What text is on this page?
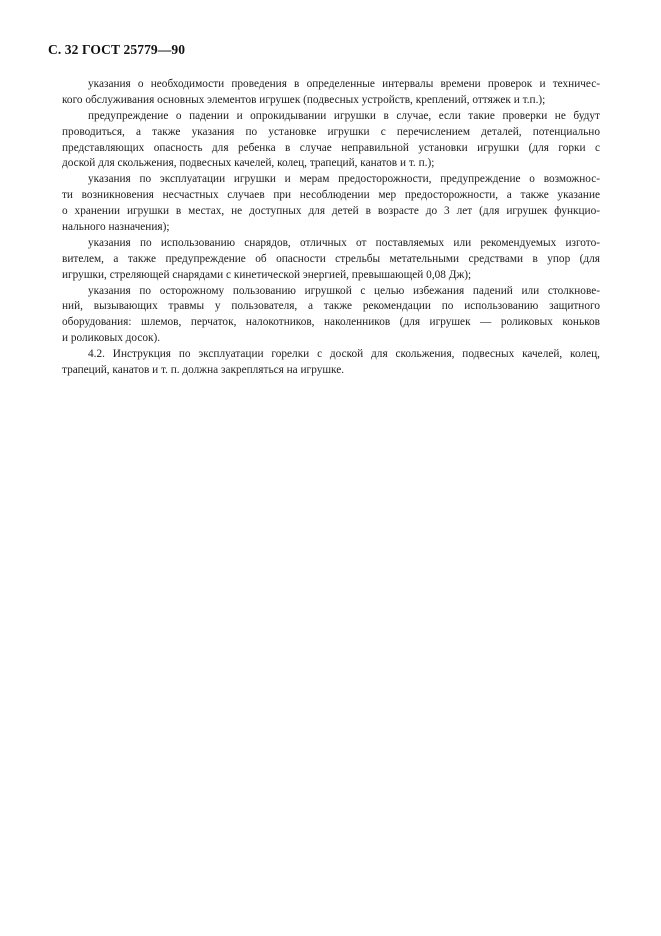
С. 32 ГОСТ 25779—90
указания о необходимости проведения в определенные интервалы времени проверок и техничес-
кого обслуживания основных элементов игрушек (подвесных устройств, креплений, оттяжек и т.п.);
предупреждение о падении и опрокидывании игрушки в случае, если такие проверки не будут
проводиться, а также указания по установке игрушки с перечислением деталей, потенциально
представляющих опасность для ребенка в случае неправильной установки игрушки (для горки с
доской для скольжения, подвесных качелей, колец, трапеций, канатов и т. п.);
указания по эксплуатации игрушки и мерам предосторожности, предупреждение о возможнос-
ти возникновения несчастных случаев при несоблюдении мер предосторожности, а также указание
о хранении игрушки в местах, не доступных для детей в возрасте до 3 лет (для игрушек функцио-
нального назначения);
указания по использованию снарядов, отличных от поставляемых или рекомендуемых изгото-
вителем, а также предупреждение об опасности стрельбы метательными средствами в упор (для
игрушки, стреляющей снарядами с кинетической энергией, превышающей 0,08 Дж);
указания по осторожному пользованию игрушкой с целью избежания падений или столкнове-
ний, вызывающих травмы у пользователя, а также рекомендации по использованию защитного
оборудования: шлемов, перчаток, налокотников, наколенников (для игрушек — роликовых коньков
и роликовых досок).
4.2. Инструкция по эксплуатации горелки с доской для скольжения, подвесных качелей, колец,
трапеций, канатов и т. п. должна закрепляться на игрушке.
